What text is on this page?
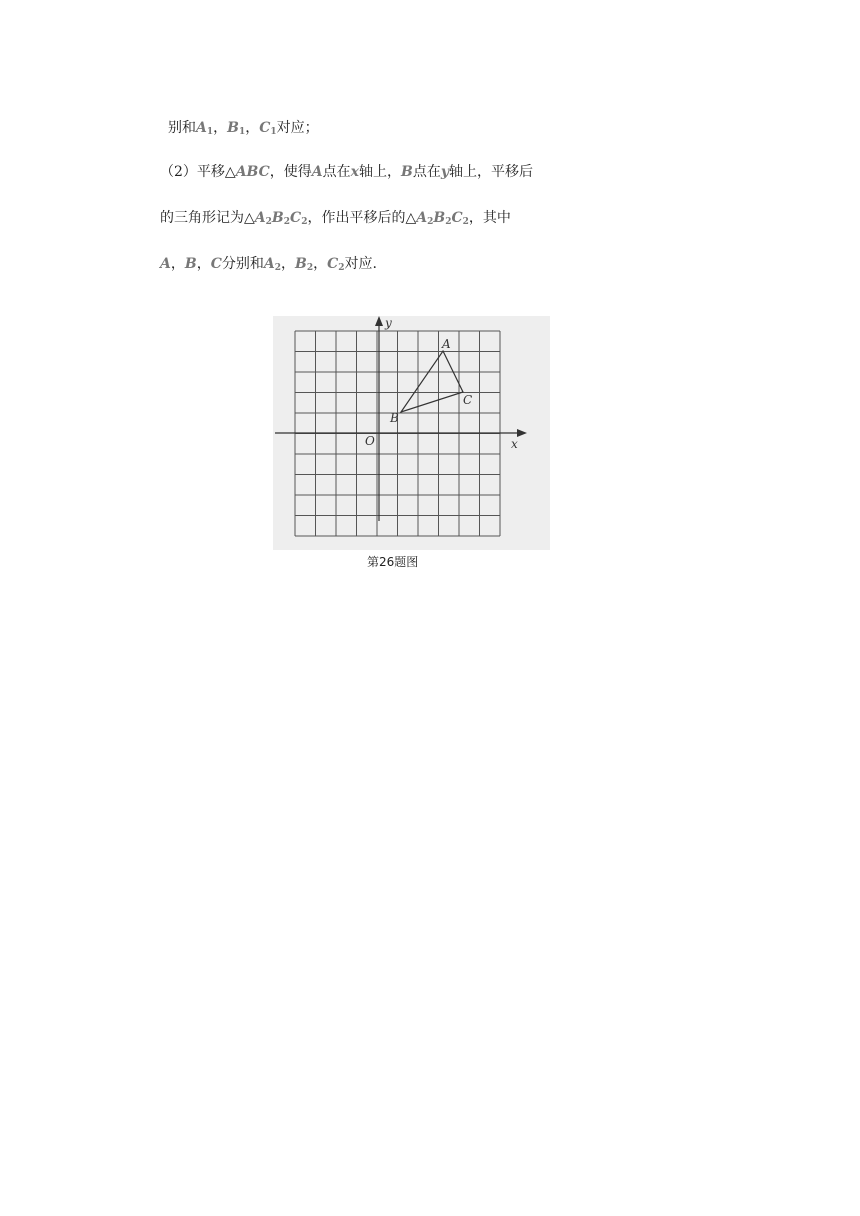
别和$A_1$，$B_1$，$C_1$对应；
（2）平移△ABC，使得A点在x轴上，B点在y轴上，平移后
的三角形记为$\triangle A_2B_2C_2$，作出平移后的$\triangle A_2B_2C_2$，其中
A，B，C分别和$A_2$，$B_2$，$C_2$对应.
x
y
O
A
B
C
第26题图
